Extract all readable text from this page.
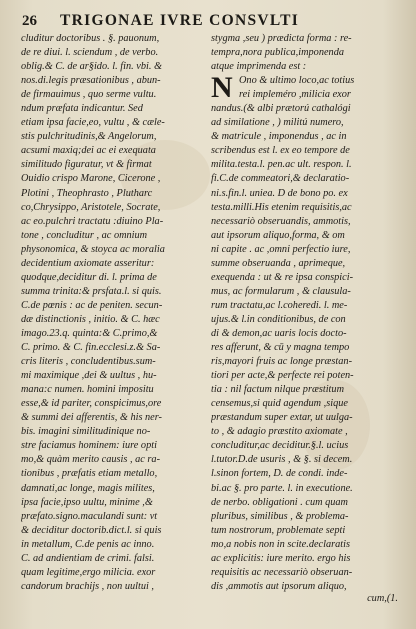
26 TRIGONAE IVRE CONSVLTI
cluditur doctoribus . §. pauonum,
de re diui. l. sciendum , de verbo.
oblig.& C. de ar§ido. l. fin. vbi. &
nos.di.legis præsationibus , abun-
de firmauimus , quo serme vultu.
ndum præfata indicantur. Sed
etiam ipsa facie,eo, vultu , & cæle-
stis pulchritudinis,& Angelorum,
acsumi maxiq;dei ac ei exequata
similitudo figuratur, vt & firmat
Ouidio crispo Marone, Cicerone ,
Plotini , Theophrasto , Plutharc
co,Chrysippo, Aristotele, Socrate,
ac eo.pulchri tractatu :diuino Pla-
tone , concluditur , ac omnium
physonomica, & stoyca ac moralia
decidentium axiomate asseritur:
quodque,deciditur di. l. prima de
summa trinita:& prsfata.l. si quis.
C.de pœnis : ac de peniten. secun-
dæ distinctionis , initio. & C. hæc
imago.23.q. quinta:& C.primo,&
C. primo. & C. fin.ecclesi.z.& Sa-
cris literis , concludentibus.sum-
mi maximique ,dei & uultus , hu-
mana:c numen. homini impositu
esse,& id pariter, conspicimus,ore
& summi dei afferentis, & his ner-
bis. imagini similitudinique no-
stre faciamus hominem: iure opti
mo,& quàm merito causis , ac ra-
tionibus , præfatis etiam metallo,
damnati,ac longe, magis milites,
ipsa facie,ipso uultu, minime ,&
præfato.signo.maculandi sunt: vt
& deciditur doctorib.dict.l. si quis
in metallum, C.de penis ac inno.
C. ad andientiam de crimi. falsi.
quam legitime,ergo milicia. exor
candorum brachijs , non uultui ,
stygma ,seu ) prædicta forma : re-
tempra,nora publica,imponenda
atque imprimenda est :
N Ono & ultimo loco,ac totius
rei impleméro ,milicia exor
nandus.(& albi prætorú cathalógi
ad similatione , ) militú numero,
& matricule , imponendus , ac in
scribendus est l. ex eo tempore de
milita.testa.l. pen.ac ult. respon. l.
fi.C.de commeatori,& declaratio-
ni.s.fin.l. uniea. D de bono po. ex
testa.milli.His etenim requisitis,ac
necessariò obseruandis, ammotis,
aut ipsorum aliquo,forma, & om
ni capite . ac ,omni perfectio iure,
summe obseruanda , aprimeque,
exequenda : ut & re ipsa conspici-
mus, ac formularum , & clausula-
rum tractatu,ac l.coheredi. l. me-
ujus.& l.in conditionibus, de con
di & demon,ac uaris locis docto-
res afferunt, & cū y magna tempo
ris,mayori fruis ac longe præstan-
tiori per acte,& perfecte rei poten-
tia : nil factum nilque præstitum
censemus,si quid agendum ,sique
præstandum super extar, ut uulga-
to , & adagio præstito axiomate ,
concluditur,ac deciditur.§.l. ucius
l.tutor.D.de usuris , & §. si decem.
l.sinon fortem, D. de condi. inde-
bi.ac §. pro parte. l. in executione.
de nerbo. obligationi . cum quam
pluribus, similibus , & problema-
tum nostrorum, problemate septi
mo,a nobis non in scite.declaratis
ac explicitis: iure merito. ergo his
requisitis ac necessariò obseruan-
dis ,ammotis aut ipsorum aliquo,
cum,(1.
